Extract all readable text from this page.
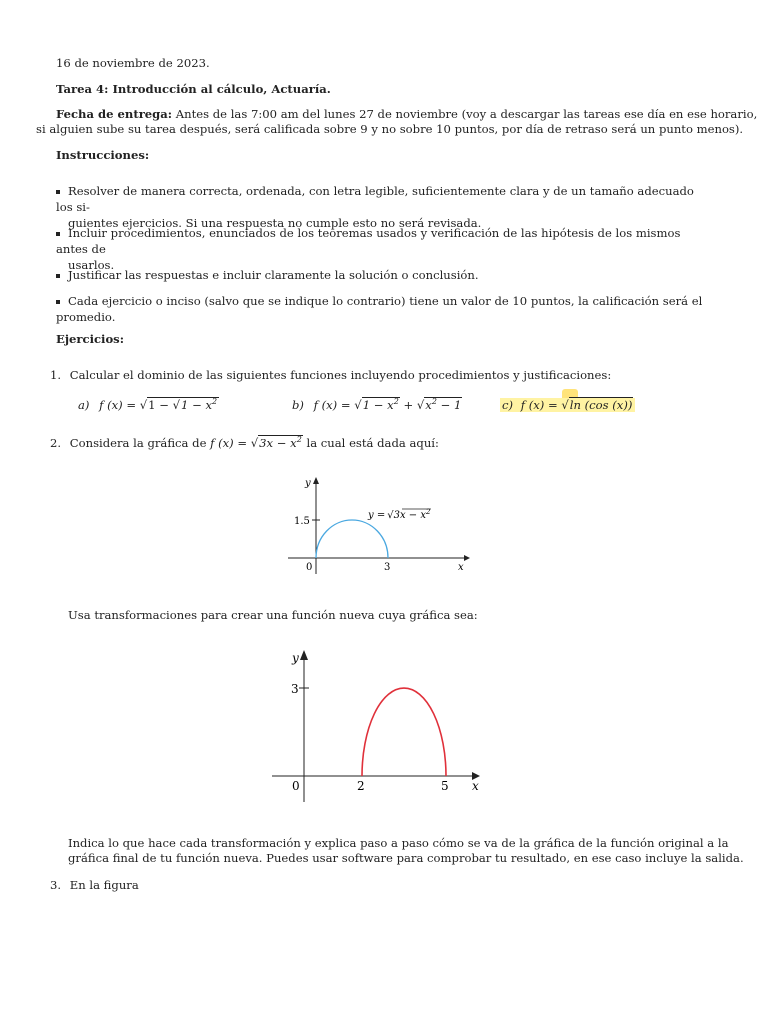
16 de noviembre de 2023.

Tarea 4: Introducción al cálculo, Actuaría.

Fecha de entrega: Antes de las 7:00 am del lunes 27 de noviembre (voy a descargar las tareas ese día en ese horario,

si alguien sube su tarea después, será calificada sobre 9 y no sobre 10 puntos, por día de retraso será un punto menos).

Instrucciones:

Resolver de manera correcta, ordenada, con letra legible, suficientemente clara y de un tamaño adecuado los si-
guientes ejercicios. Si una respuesta no cumple esto no será revisada.
Incluir procedimientos, enunciados de los teoremas usados y verificación de las hipótesis de los mismos antes de
usarlos.
Justificar las respuestas e incluir claramente la solución o conclusión.
Cada ejercicio o inciso (salvo que se indique lo contrario) tiene un valor de 10 puntos, la calificación será el promedio.

Ejercicios:

1. Calcular el dominio de las siguientes funciones incluyendo procedimientos y justificaciones:

a) f $(x) = √1 - √1 - x^2$	b) f $(x) = √1 - x^2 + √x^2 - 1$	c) f (x) = √ln (cos (x))

2. Considera la gráfica de f $(x) = √3x - x^2$ la cual está dada aquí:

y
x
0
1.5
3
$y = √3x - x^2$

Usa transformaciones para crear una función nueva cuya gráfica sea:

y
x
0
3
2	5

Indica lo que hace cada transformación y explica paso a paso cómo se va de la gráfica de la función original a la

gráfica final de tu función nueva. Puedes usar software para comprobar tu resultado, en ese caso incluye la salida.

3. En la figura
